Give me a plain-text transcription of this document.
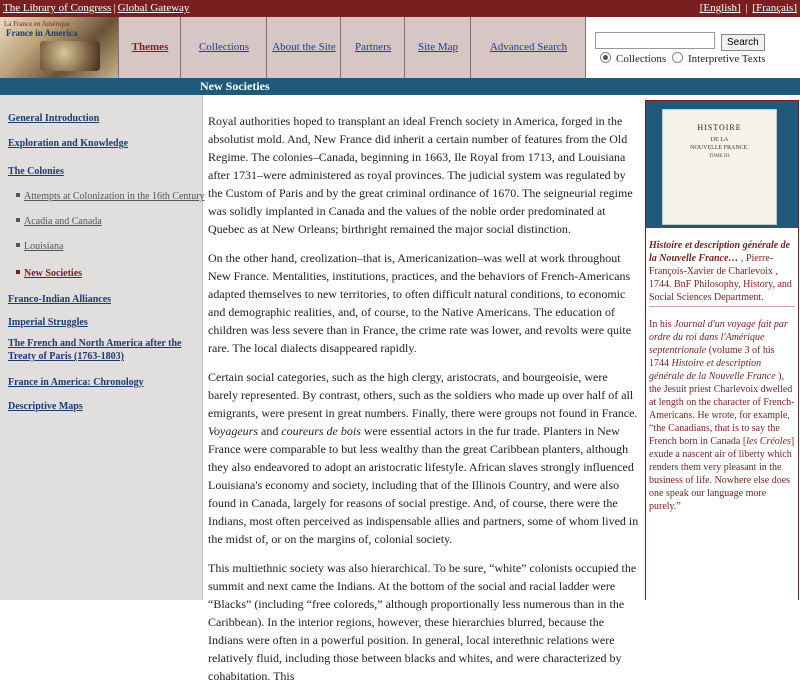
The Library of Congress | Global Gateway	[English] | [Français]
La France en Amérique
France in America
Themes	Collections	About the Site	Partners	Site Map	Advanced Search	Search
Collections	Interpretive Texts
New Societies
General Introduction
Exploration and Knowledge
The Colonies
Attempts at Colonization in the 16th Century
Acadia and Canada
Louisiana
New Societies
Franco-Indian Alliances
Imperial Struggles
The French and North America after the
Treaty of Paris (1763-1803)
France in America: Chronology
Descriptive Maps

Royal authorities hoped to transplant an ideal French society in America, forged in the absolutist mold. And, New France did inherit a certain number of features from the Old Regime. The colonies–Canada, beginning in 1663, Ile Royal from 1713, and Louisiana after 1731–were administered as royal provinces. The judicial system was regulated by the Custom of Paris and by the great criminal ordinance of 1670. The seigneurial regime was solidly implanted in Canada and the values of the noble order predominated at Quebec as at New Orleans; birthright remained the major social distinction.

On the other hand, creolization–that is, Americanization–was well at work throughout New France. Mentalities, institutions, practices, and the behaviors of French-Americans adapted themselves to new territories, to often difficult natural conditions, to economic and demographic realities, and, of course, to the Native Americans. The education of children was less severe than in France, the crime rate was lower, and revolts were quite rare. The local dialects disappeared rapidly.

Certain social categories, such as the high clergy, aristocrats, and bourgeoisie, were barely represented. By contrast, others, such as the soldiers who made up over half of all emigrants, were present in great numbers. Finally, there were groups not found in France. Voyageurs and coureurs de bois were essential actors in the fur trade. Planters in New France were comparable to but less wealthy than the great Caribbean planters, although they also endeavored to adopt an aristocratic lifestyle. African slaves strongly influenced Louisiana's economy and society, including that of the Illinois Country, and were also found in Canada, largely for reasons of social prestige. And, of course, there were the Indians, most often perceived as indispensable allies and partners, some of whom lived in the midst of, or on the margins of, colonial society.

This multiethnic society was also hierarchical. To be sure, “white” colonists occupied the summit and next came the Indians. At the bottom of the social and racial ladder were “Blacks” (including “free coloreds,” although proportionally less numerous than in the Caribbean). In the interior regions, however, these hierarchies blurred, because the Indians were often in a powerful position. In general, local interethnic relations were relatively fluid, including those between blacks and whites, and were characterized by cohabitation. This

HISTOIRE
DE LA
NOUVELLE FRANCE.
TOME III.
Histoire et description générale de la Nouvelle France… , Pierre-François-Xavier de Charlevoix , 1744. BnF Philosophy, History, and Social Sciences Department.
In his Journal d'un voyage fait par ordre du roi dans l'Amérique septentrionale (volume 3 of his 1744 Histoire et description générale de la Nouvelle France ), the Jesuit priest Charlevoix dwelled at length on the character of French-Americans. He wrote, for example, “the Canadians, that is to say the French born in Canada [les Créoles] exude a nascent air of liberty which renders them very pleasant in the business of life. Nowhere else does one speak our language more purely.”
